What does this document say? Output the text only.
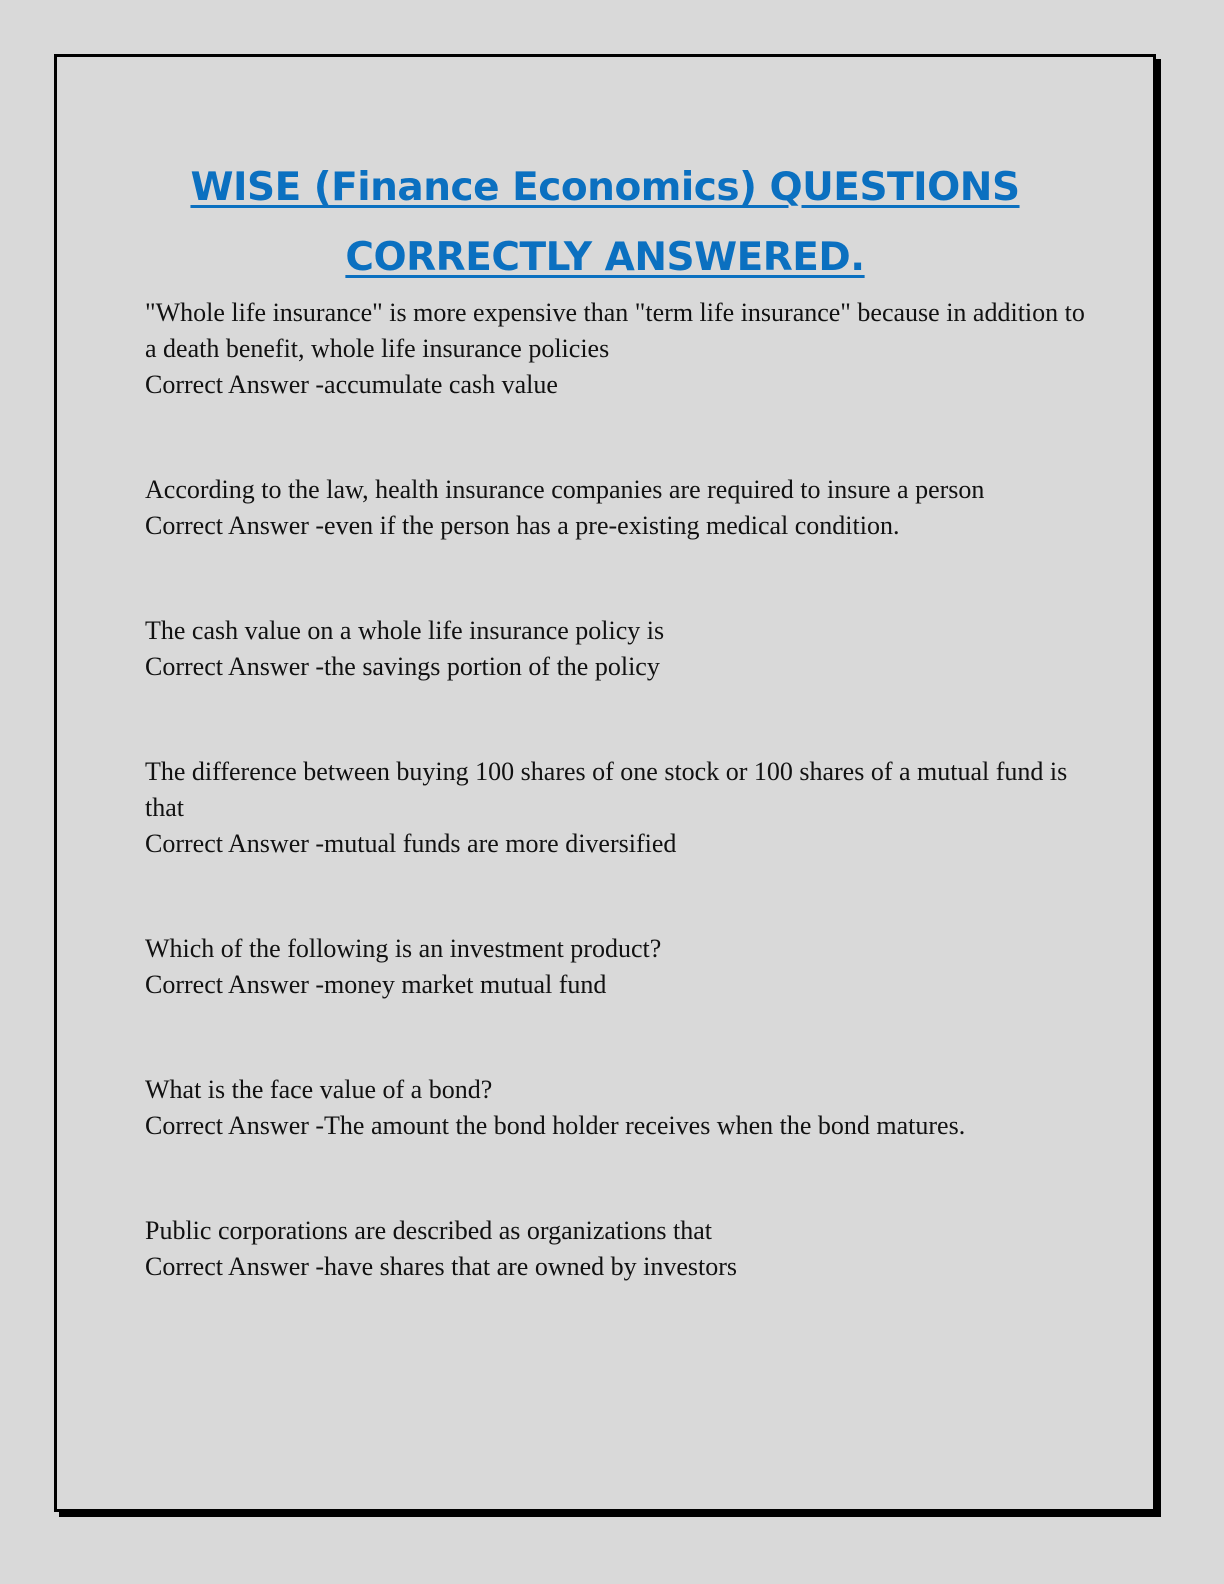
WISE (Finance Economics) QUESTIONS
CORRECTLY ANSWERED.

"Whole life insurance" is more expensive than "term life insurance" because in addition to a death benefit, whole life insurance policies

Correct Answer -accumulate cash value

According to the law, health insurance companies are required to insure a person

Correct Answer -even if the person has a pre-existing medical condition.

The cash value on a whole life insurance policy is

Correct Answer -the savings portion of the policy

The difference between buying 100 shares of one stock or 100 shares of a mutual fund is that

Correct Answer -mutual funds are more diversified

Which of the following is an investment product?

Correct Answer -money market mutual fund

What is the face value of a bond?

Correct Answer -The amount the bond holder receives when the bond matures.

Public corporations are described as organizations that

Correct Answer -have shares that are owned by investors
